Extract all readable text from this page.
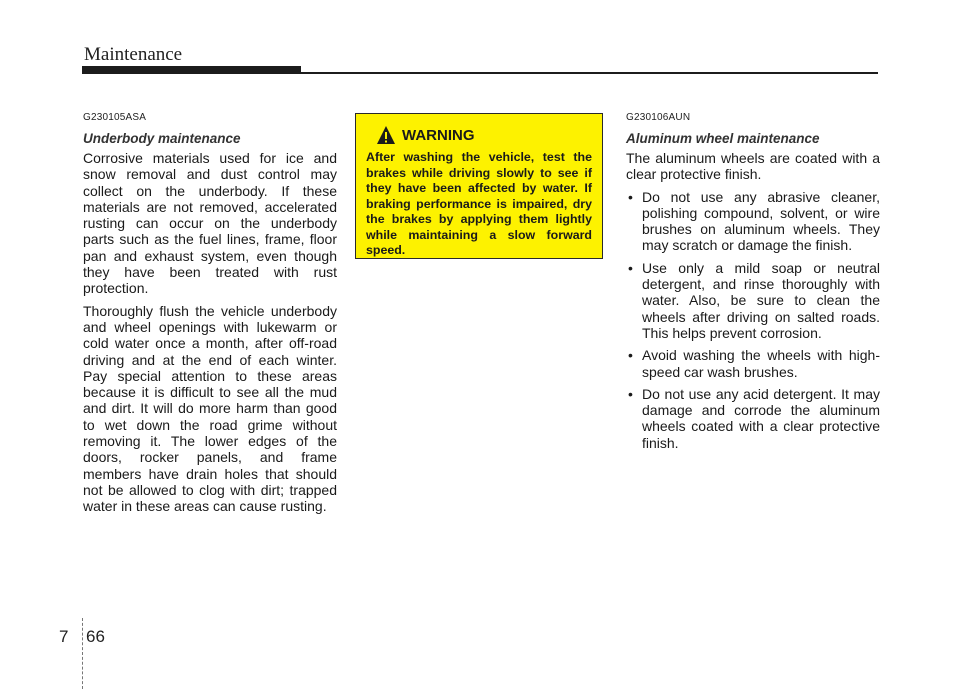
Maintenance
G230105ASA
Underbody maintenance

Corrosive materials used for ice and snow removal and dust control may collect on the underbody. If these materials are not removed, accelerated rusting can occur on the underbody parts such as the fuel lines, frame, floor pan and exhaust system, even though they have been treated with rust protection.

Thoroughly flush the vehicle underbody and wheel openings with lukewarm or cold water once a month, after off-road driving and at the end of each winter. Pay special attention to these areas because it is difficult to see all the mud and dirt. It will do more harm than good to wet down the road grime without removing it. The lower edges of the doors, rocker panels, and frame members have drain holes that should not be allowed to clog with dirt; trapped water in these areas can cause rusting.

WARNING
After washing the vehicle, test the brakes while driving slowly to see if they have been affected by water. If braking performance is impaired, dry the brakes by applying them lightly while maintaining a slow forward speed.
G230106AUN
Aluminum wheel maintenance

The aluminum wheels are coated with a clear protective finish.

• Do not use any abrasive cleaner, polishing compound, solvent, or wire brushes on aluminum wheels. They may scratch or damage the finish.
• Use only a mild soap or neutral detergent, and rinse thoroughly with water. Also, be sure to clean the wheels after driving on salted roads. This helps prevent corrosion.
• Avoid washing the wheels with high-speed car wash brushes.
• Do not use any acid detergent. It may damage and corrode the aluminum wheels coated with a clear protective finish.
7 66
